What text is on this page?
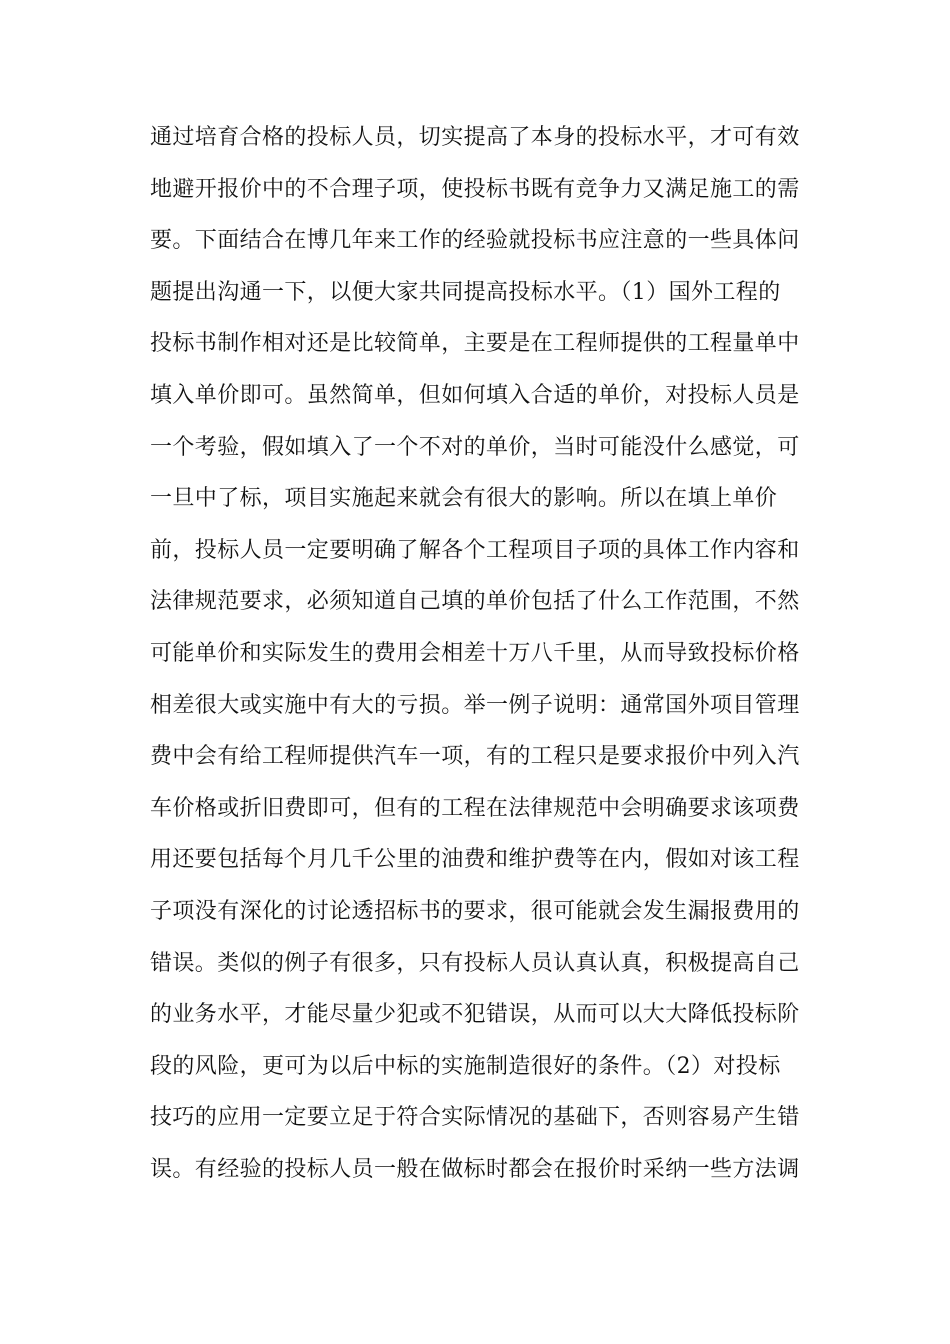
通过培育合格的投标人员，切实提高了本身的投标水平，才可有效
地避开报价中的不合理子项，使投标书既有竞争力又满足施工的需
要。下面结合在博几年来工作的经验就投标书应注意的一些具体问
题提出沟通一下，以便大家共同提高投标水平。（1）国外工程的
投标书制作相对还是比较简单，主要是在工程师提供的工程量单中
填入单价即可。虽然简单，但如何填入合适的单价，对投标人员是
一个考验，假如填入了一个不对的单价，当时可能没什么感觉，可
一旦中了标，项目实施起来就会有很大的影响。所以在填上单价
前，投标人员一定要明确了解各个工程项目子项的具体工作内容和
法律规范要求，必须知道自己填的单价包括了什么工作范围，不然
可能单价和实际发生的费用会相差十万八千里，从而导致投标价格
相差很大或实施中有大的亏损。举一例子说明：通常国外项目管理
费中会有给工程师提供汽车一项，有的工程只是要求报价中列入汽
车价格或折旧费即可，但有的工程在法律规范中会明确要求该项费
用还要包括每个月几千公里的油费和维护费等在内，假如对该工程
子项没有深化的讨论透招标书的要求，很可能就会发生漏报费用的
错误。类似的例子有很多，只有投标人员认真认真，积极提高自己
的业务水平，才能尽量少犯或不犯错误，从而可以大大降低投标阶
段的风险，更可为以后中标的实施制造很好的条件。（2）对投标
技巧的应用一定要立足于符合实际情况的基础下，否则容易产生错
误。有经验的投标人员一般在做标时都会在报价时采纳一些方法调
